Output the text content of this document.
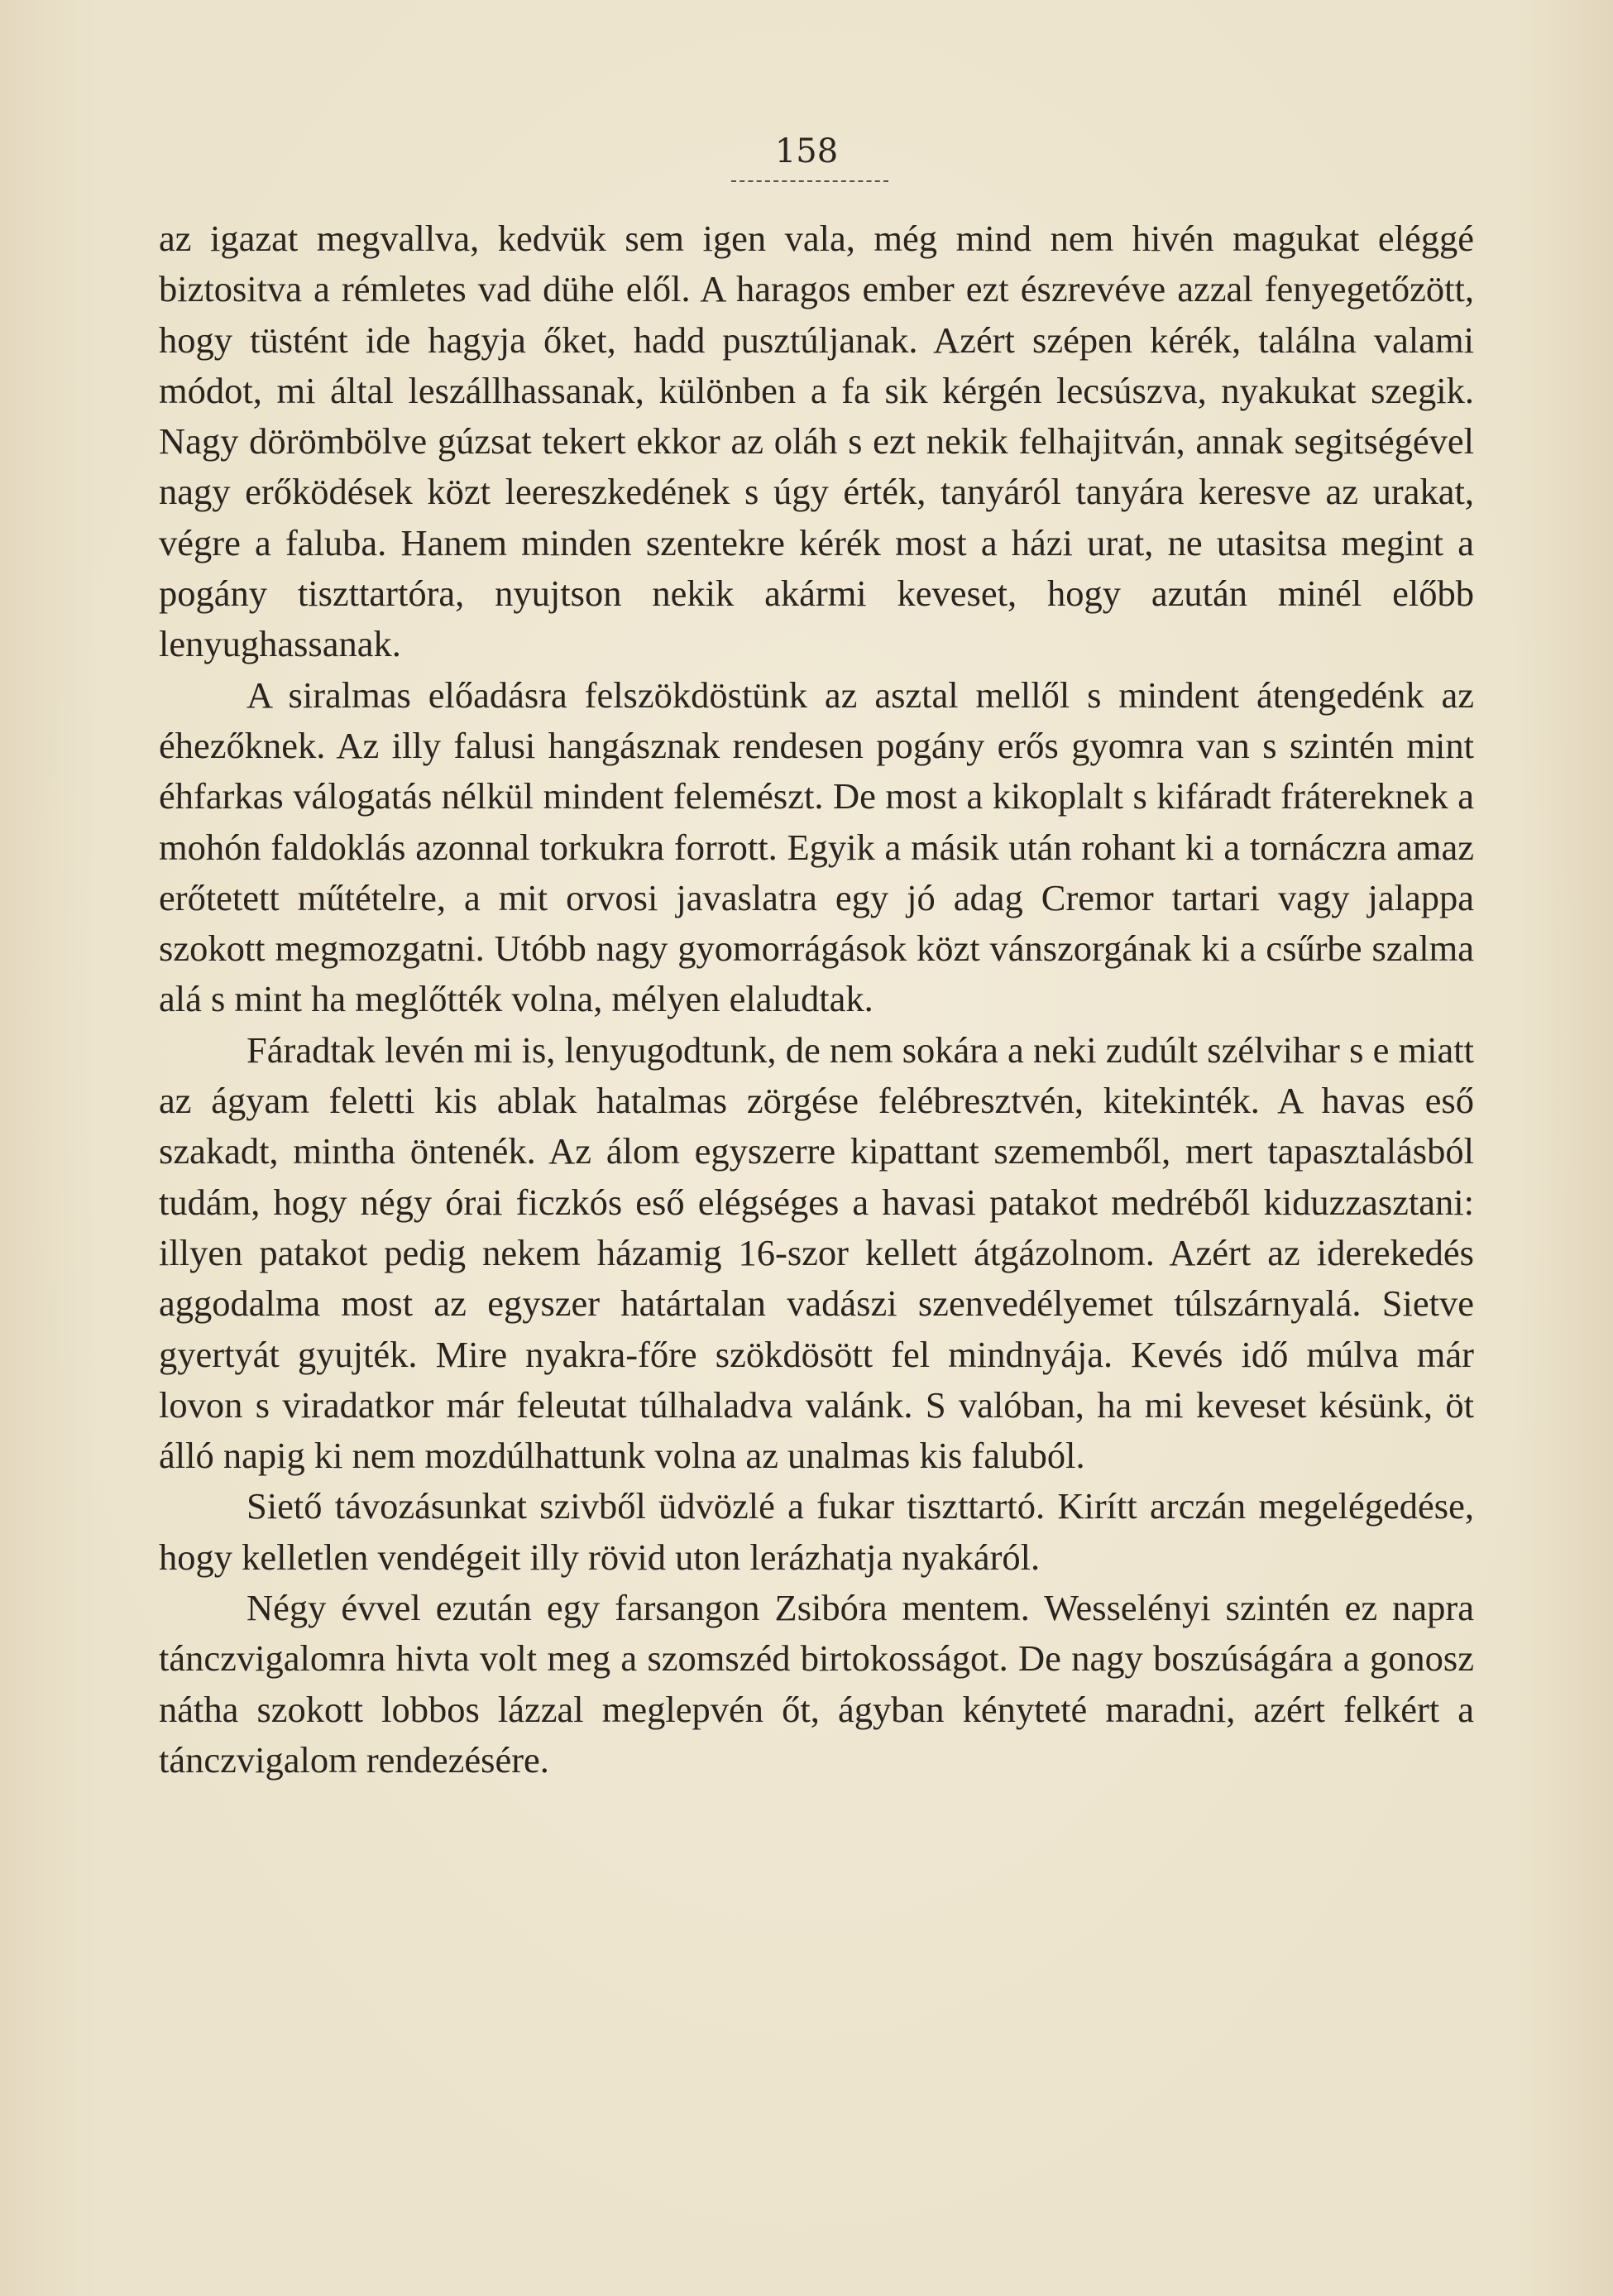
158

az igazat megvallva, kedvük sem igen vala, még mind nem hivén magukat eléggé biztositva a rémletes vad dühe elől. A haragos ember ezt észrevéve azzal fenyegetőzött, hogy tüstént ide hagyja őket, hadd pusztúljanak. Azért szépen kérék, találna valami módot, mi által leszállhassanak, különben a fa sik kérgén lecsúszva, nyakukat szegik. Nagy dörömbölve gúzsat tekert ekkor az oláh s ezt nekik felhajitván, annak segitségével nagy erőködések közt leereszkedének s úgy érték, tanyáról tanyára keresve az urakat, végre a faluba. Hanem minden szentekre kérék most a házi urat, ne utasitsa megint a pogány tiszttartóra, nyujtson nekik akármi keveset, hogy azután minél előbb lenyughassanak.

A siralmas előadásra felszökdöstünk az asztal mellől s mindent átengedénk az éhezőknek. Az illy falusi hangásznak rendesen pogány erős gyomra van s szintén mint éhfarkas válogatás nélkül mindent felemészt. De most a kikoplalt s kifáradt frátereknek a mohón faldoklás azonnal torkukra forrott. Egyik a másik után rohant ki a tornáczra amaz erőtetett műtételre, a mit orvosi javaslatra egy jó adag Cremor tartari vagy jalappa szokott megmozgatni. Utóbb nagy gyomorrágások közt vánszorgának ki a csűrbe szalma alá s mint ha meglőtték volna, mélyen elaludtak.

Fáradtak levén mi is, lenyugodtunk, de nem sokára a neki zudúlt szélvihar s e miatt az ágyam feletti kis ablak hatalmas zörgése felébresztvén, kitekinték. A havas eső szakadt, mintha öntenék. Az álom egyszerre kipattant szememből, mert tapasztalásból tudám, hogy négy órai ficzkós eső elégséges a havasi patakot medréből kiduzzasztani: illyen patakot pedig nekem házamig 16-szor kellett átgázolnom. Azért az iderekedés aggodalma most az egyszer határtalan vadászi szenvedélyemet túlszárnyalá. Sietve gyertyát gyujték. Mire nyakra-főre szökdösött fel mindnyája. Kevés idő múlva már lovon s viradatkor már feleutat túlhaladva valánk. S valóban, ha mi keveset késünk, öt álló napig ki nem mozdúlhattunk volna az unalmas kis faluból.

Siető távozásunkat szivből üdvözlé a fukar tiszttartó. Kirítt arczán megelégedése, hogy kelletlen vendégeit illy rövid uton lerázhatja nyakáról.

Négy évvel ezután egy farsangon Zsibóra mentem. Wesselényi szintén ez napra tánczvigalomra hivta volt meg a szomszéd birtokosságot. De nagy boszúságára a gonosz nátha szokott lobbos lázzal meglepvén őt, ágyban kényteté maradni, azért felkért a tánczvigalom rendezésére.
